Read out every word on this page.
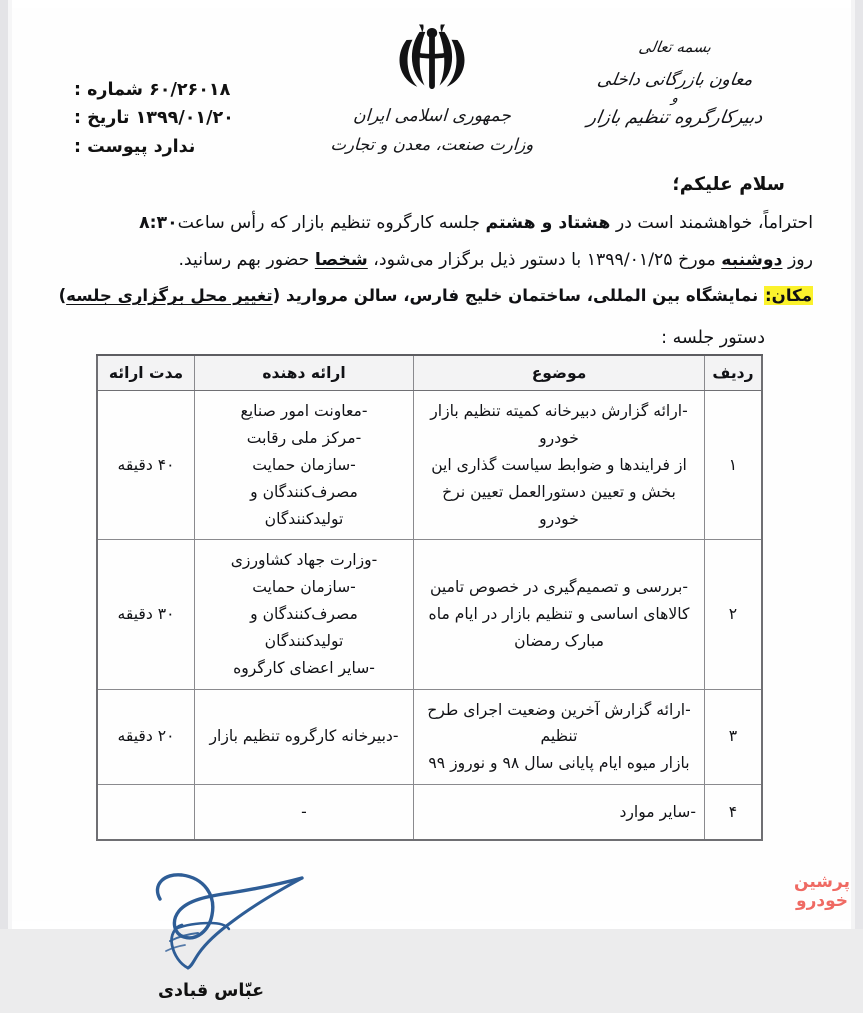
۶۰/۲۶۰۱۸ شماره :
۱۳۹۹/۰۱/۲۰ تاریخ :
ندارد پیوست :
جمهوری اسلامی ایران
وزارت صنعت، معدن و تجارت
بسمه تعالی
معاون بازرگانی داخلی
و
دبیرکارگروه تنظیم بازار
سلام علیکم؛

احتراماً، خواهشمند است در هشتاد و هشتم جلسه کارگروه تنظیم بازار که رأس ساعت۸:۳۰

روز دوشنبه مورخ ۱۳۹۹/۰۱/۲۵ با دستور ذیل برگزار می‌شود، شخصا حضور بهم رسانید.

مکان: نمایشگاه بین المللی، ساختمان خلیج فارس، سالن مروارید (تغییر محل برگزاری جلسه)

دستور جلسه :
ردیف	موضوع	ارائه دهنده	مدت ارائه
۱	-ارائه گزارش دبیرخانه کمیته تنظیم بازار خودرو
از فرایندها و ضوابط سیاست گذاری این
بخش و تعیین دستورالعمل تعیین نرخ خودرو	-معاونت امور صنایع
-مرکز ملی رقابت
-سازمان حمایت مصرف‌کنندگان و
تولیدکنندگان	۴۰ دقیقه
۲	-بررسی و تصمیم‌گیری در خصوص تامین
کالاهای اساسی و تنظیم بازار در ایام ماه
مبارک رمضان	-وزارت جهاد کشاورزی
-سازمان حمایت مصرف‌کنندگان و
تولیدکنندگان
-سایر اعضای کارگروه	۳۰ دقیقه
۳	-ارائه گزارش آخرین وضعیت اجرای طرح تنظیم
بازار میوه ایام پایانی سال ۹۸ و نوروز ۹۹	-دبیرخانه کارگروه تنظیم بازار	۲۰ دقیقه
۴	-سایر موارد	-	
عبّاس قبادی
پرشین
خودرو
